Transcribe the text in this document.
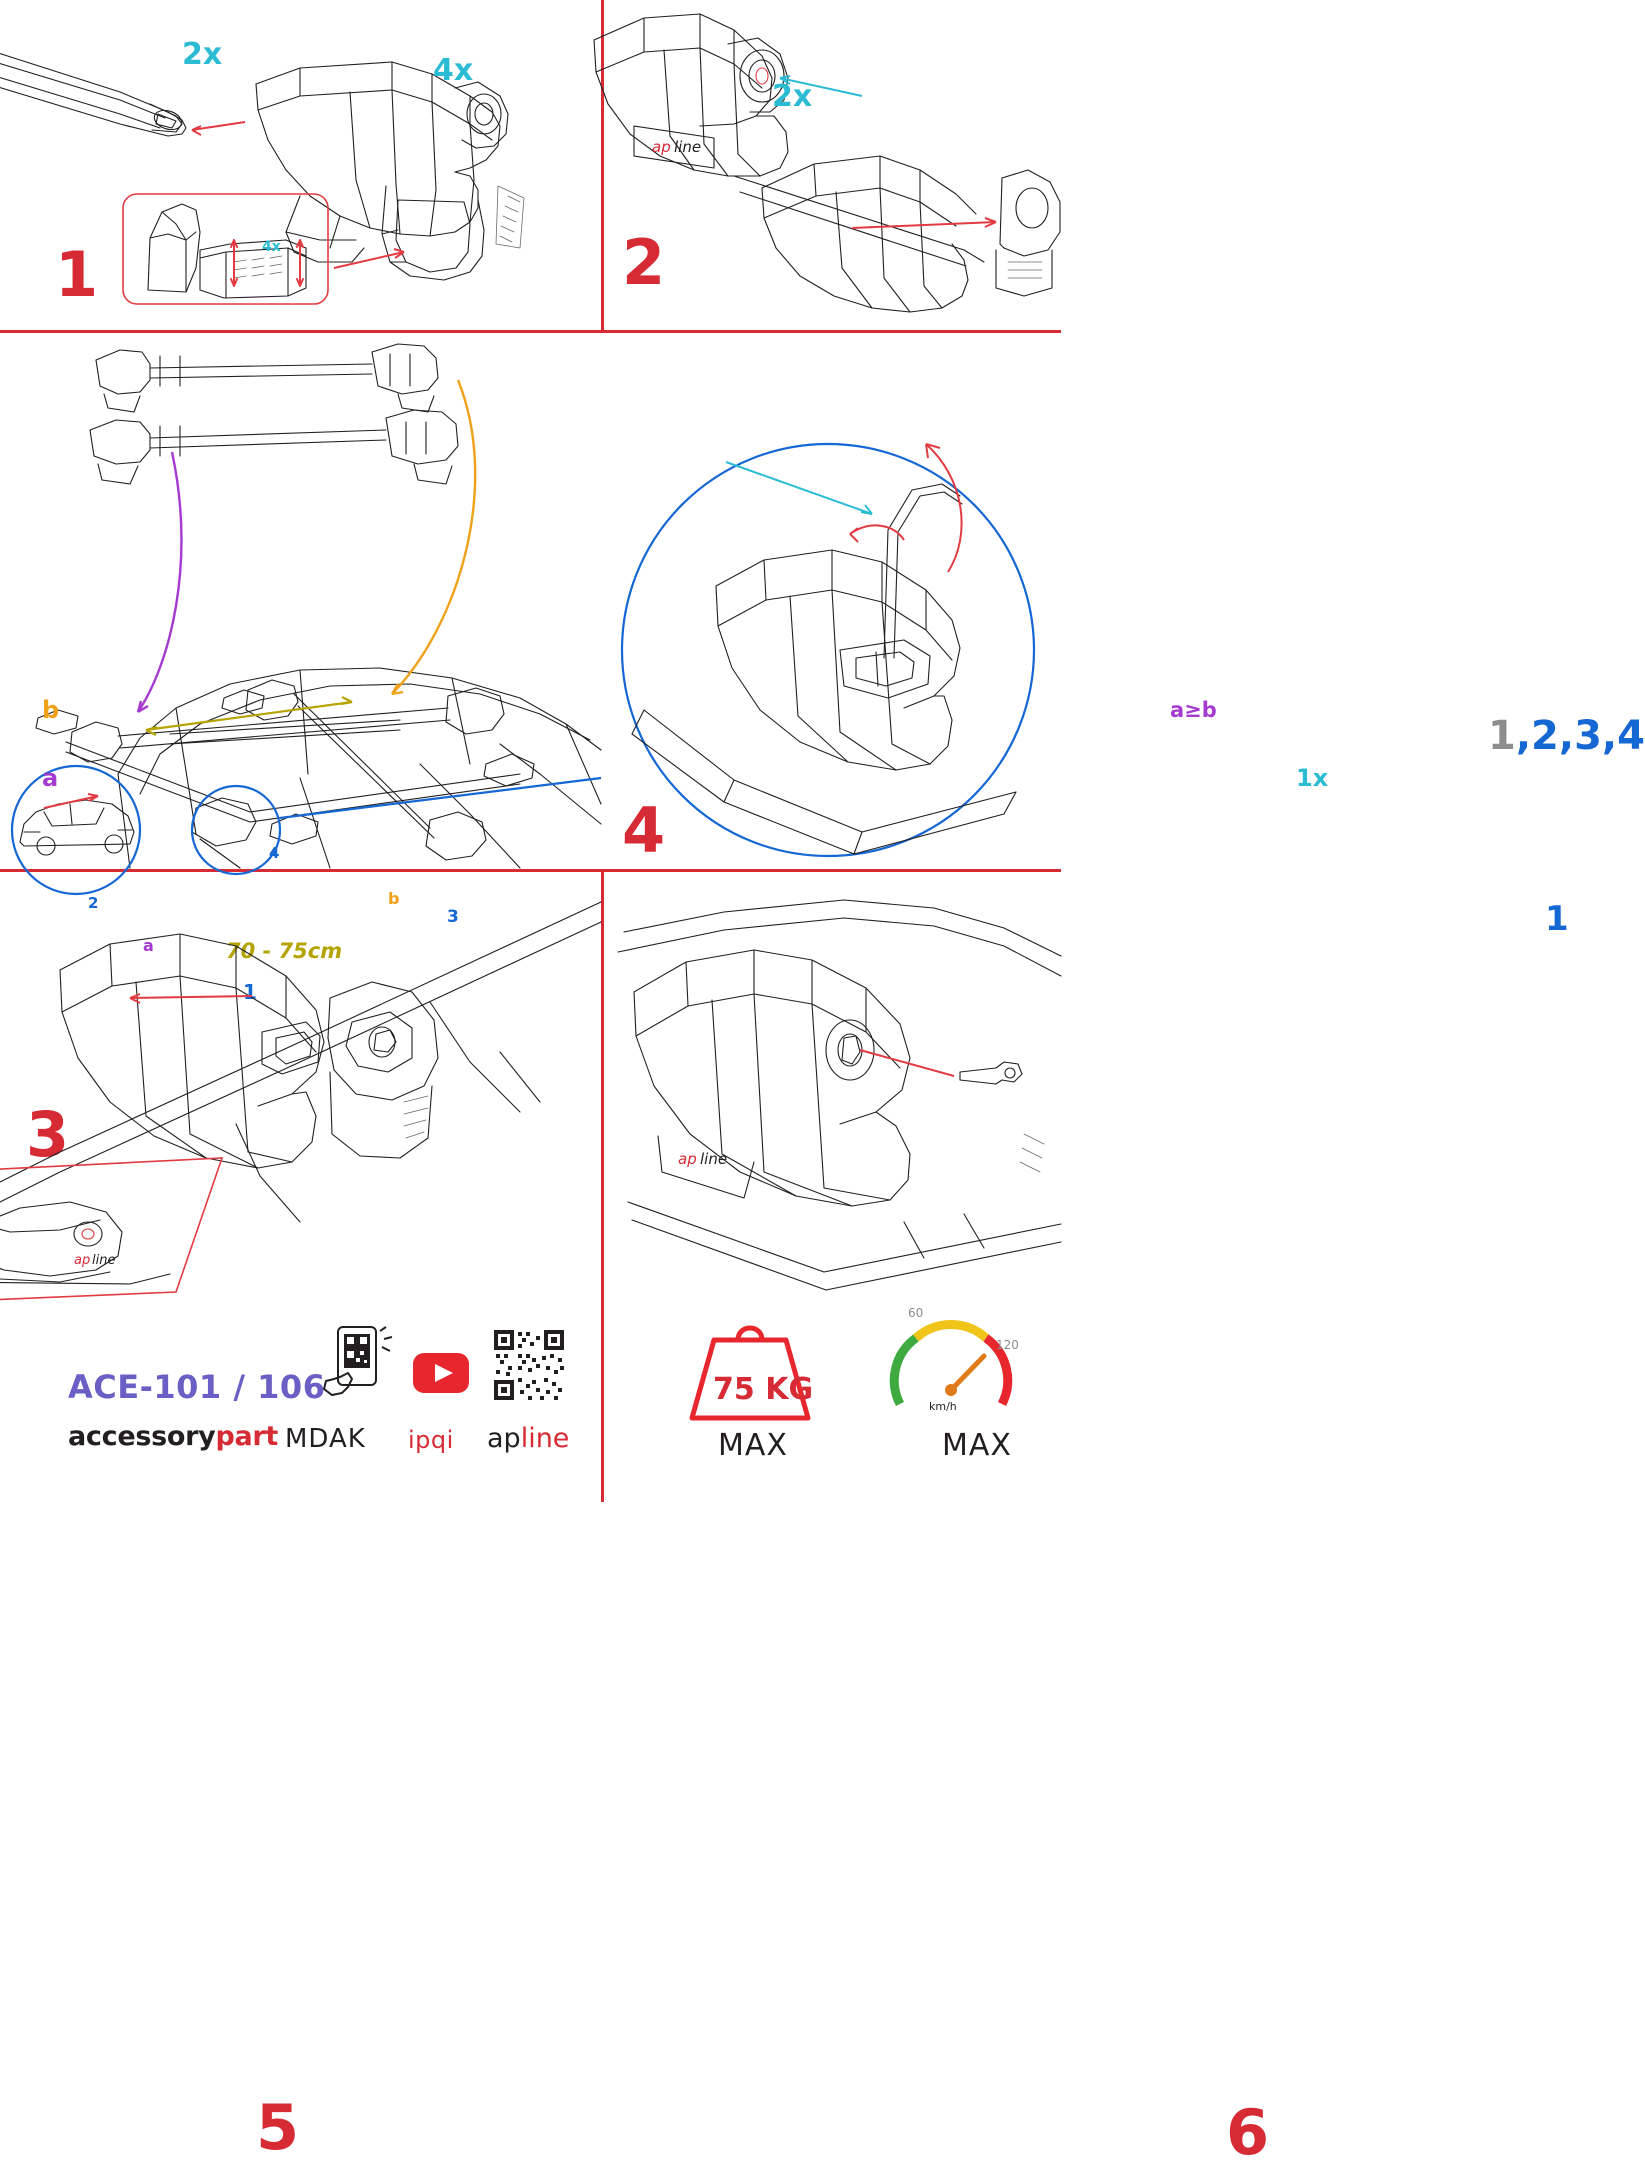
2x	4x
4x
1
ap line
2x
2
b
a
a
b
1
2
3
4
70 - 75cm
3
a≥b
1x
1
1,2,3,4
4
ap line
5
ap line
6
ACE-101 / 106
accessorypart MDAK ipqi apline
75 KG
MAX
60
120
km/h
MAX
